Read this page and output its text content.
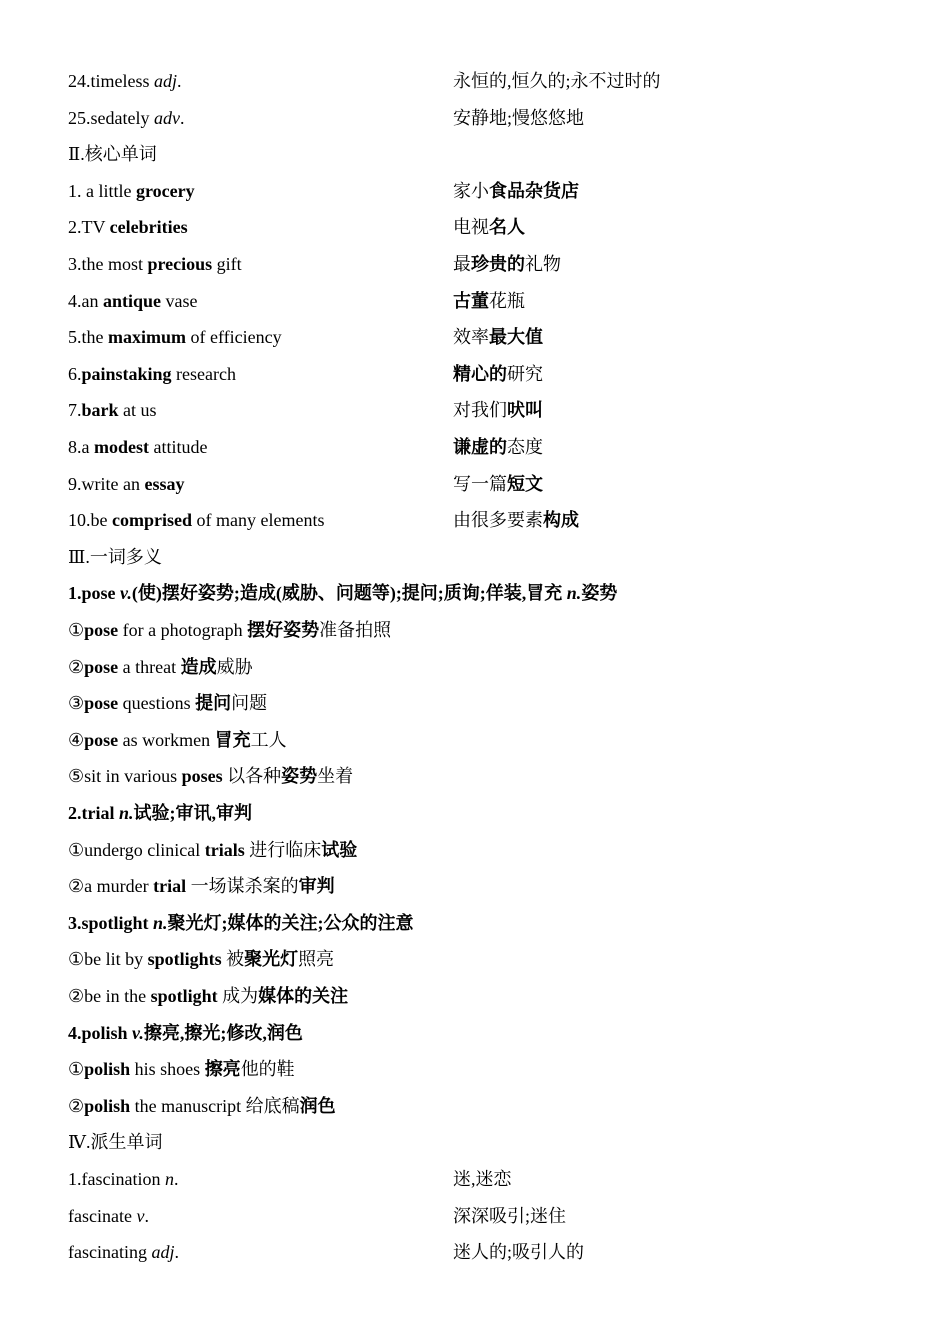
24.timeless adj.	永恒的,恒久的;永不过时的
25.sedately adv.	安静地;慢悠悠地
Ⅱ.核心单词
1. a little grocery	家小食品杂货店
2.TV celebrities	电视名人
3.the most precious gift	最珍贵的礼物
4.an antique vase	古董花瓶
5.the maximum of efficiency	效率最大值
6.painstaking research	精心的研究
7.bark at us	对我们吠叫
8.a modest attitude	谦虚的态度
9.write an essay	写一篇短文
10.be comprised of many elements	由很多要素构成
Ⅲ.一词多义
1.pose v.(使)摆好姿势;造成(威胁、问题等);提问;质询;佯装,冒充 n.姿势
①pose for a photograph 摆好姿势准备拍照
②pose a threat 造成威胁
③pose questions 提问问题
④pose as workmen 冒充工人
⑤sit in various poses 以各种姿势坐着
2.trial n.试验;审讯,审判
①undergo clinical trials 进行临床试验
②a murder trial 一场谋杀案的审判
3.spotlight n.聚光灯;媒体的关注;公众的注意
①be lit by spotlights 被聚光灯照亮
②be in the spotlight 成为媒体的关注
4.polish v.擦亮,擦光;修改,润色
①polish his shoes 擦亮他的鞋
②polish the manuscript 给底稿润色
Ⅳ.派生单词
1.fascination n.	迷,迷恋
fascinate v.	深深吸引;迷住
fascinating adj.	迷人的;吸引人的
